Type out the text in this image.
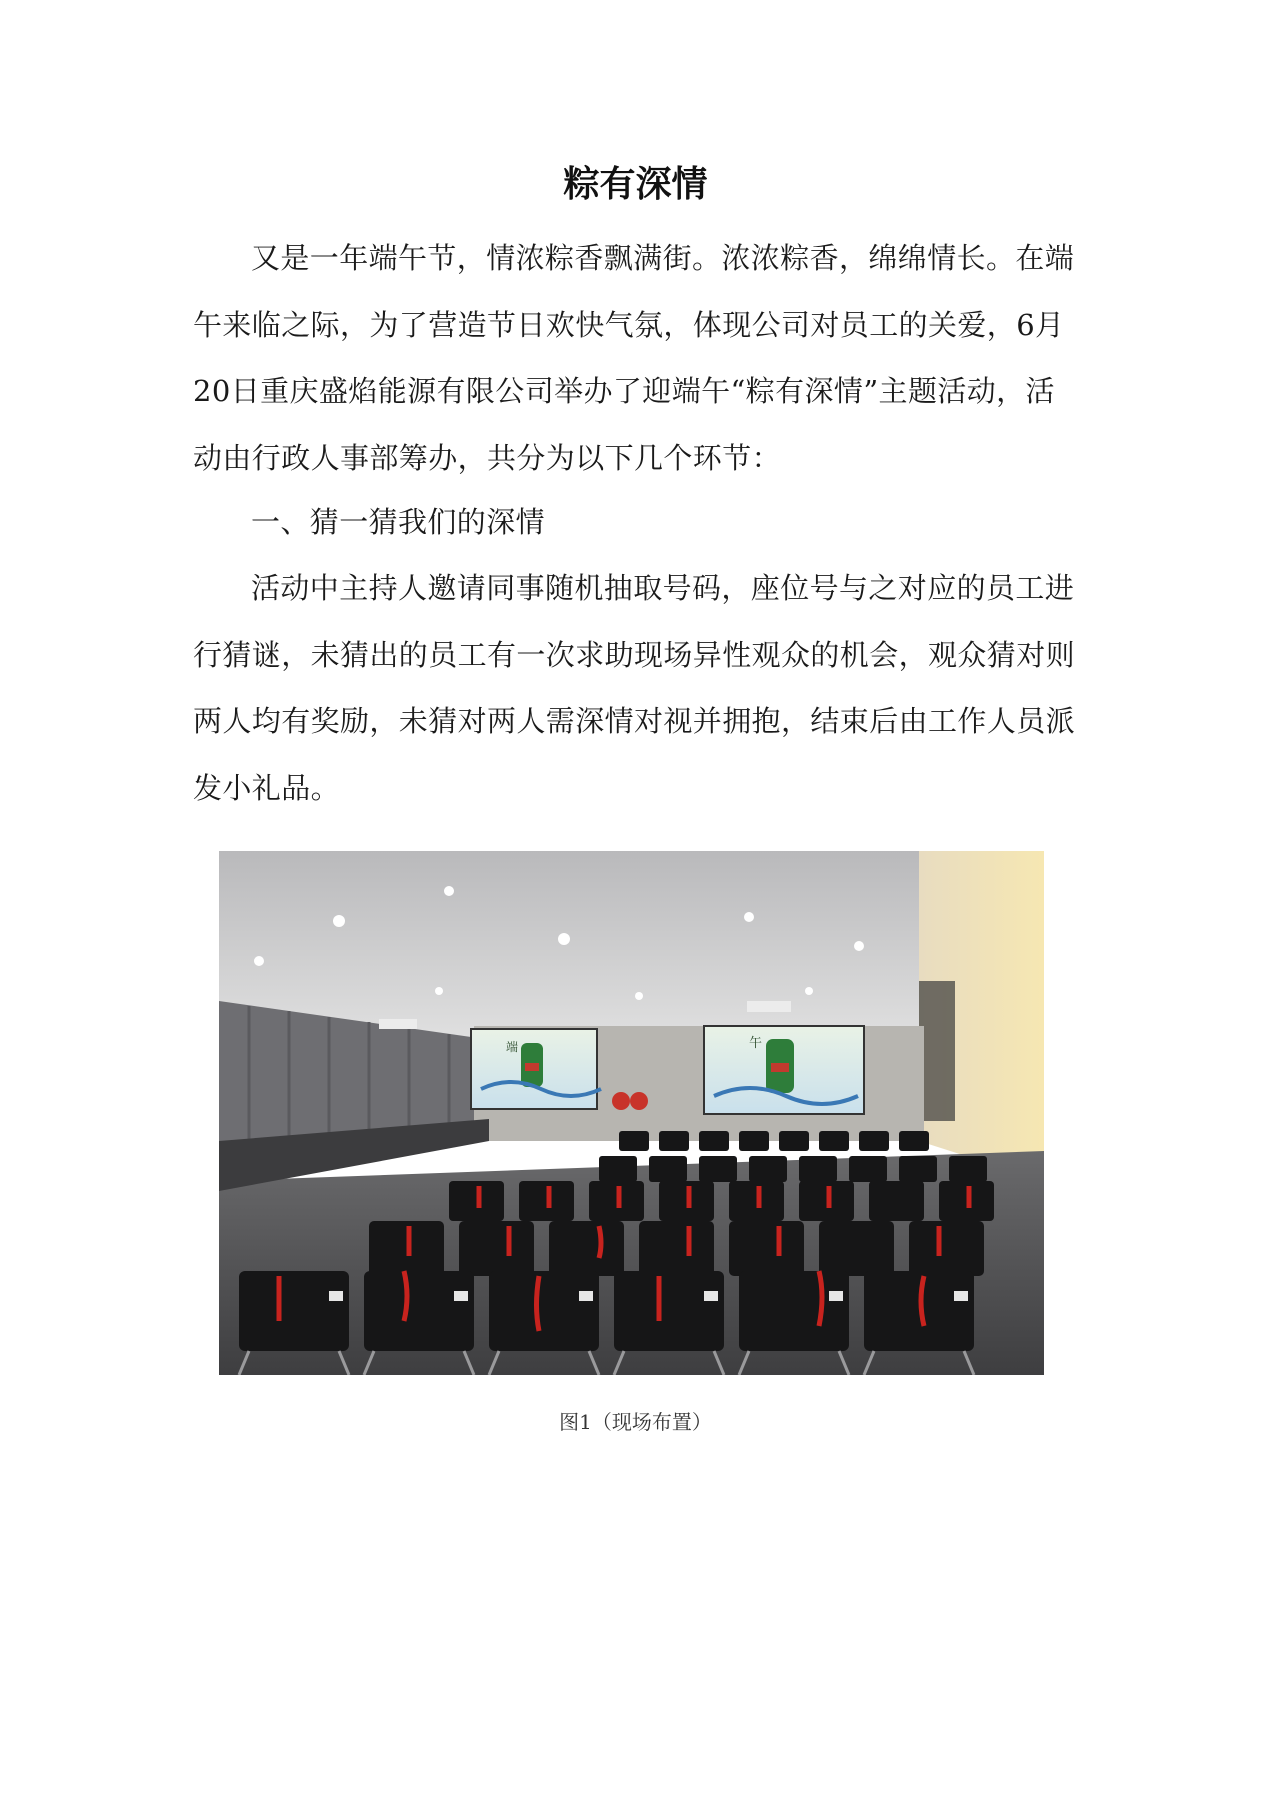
粽有深情

又是一年端午节，情浓粽香飘满街。浓浓粽香，绵绵情长。在端午来临之际，为了营造节日欢快气氛，体现公司对员工的关爱，6月20日重庆盛焰能源有限公司举办了迎端午“粽有深情”主题活动，活动由行政人事部筹办，共分为以下几个环节：

一、猜一猜我们的深情

活动中主持人邀请同事随机抽取号码，座位号与之对应的员工进行猜谜，未猜出的员工有一次求助现场异性观众的机会，观众猜对则两人均有奖励，未猜对两人需深情对视并拥抱，结束后由工作人员派发小礼品。

端	午

图1（现场布置）
